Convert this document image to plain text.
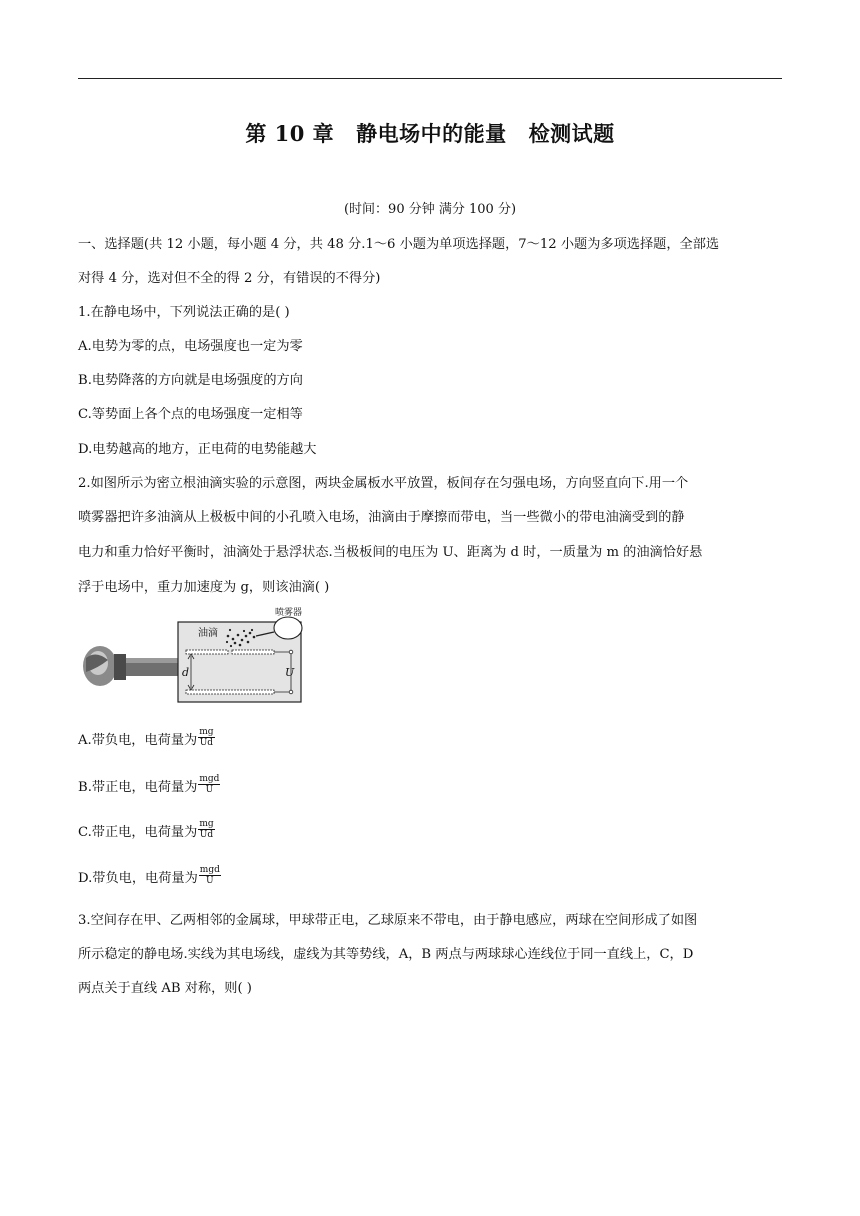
第 10 章 静电场中的能量 检测试题
(时间：90 分钟 满分 100 分)
一、选择题(共 12 小题，每小题 4 分，共 48 分.1～6 小题为单项选择题，7～12 小题为多项选择题，全部选
对得 4 分，选对但不全的得 2 分，有错误的不得分)
1.在静电场中，下列说法正确的是( )
A.电势为零的点，电场强度也一定为零
B.电势降落的方向就是电场强度的方向
C.等势面上各个点的电场强度一定相等
D.电势越高的地方，正电荷的电势能越大
2.如图所示为密立根油滴实验的示意图，两块金属板水平放置，板间存在匀强电场，方向竖直向下.用一个
喷雾器把许多油滴从上极板中间的小孔喷入电场，油滴由于摩擦而带电，当一些微小的带电油滴受到的静
电力和重力恰好平衡时，油滴处于悬浮状态.当极板间的电压为 U、距离为 d 时，一质量为 m 的油滴恰好悬
浮于电场中，重力加速度为 g，则该油滴( )
油滴
喷雾器
d	U
A.带负电，电荷量为 $\frac{mg}{Ud}$
B.带正电，电荷量为 $\frac{\text{mgd}}{U}$
C.带正电，电荷量为 $\frac{mg}{Ud}$
D.带负电，电荷量为 $\frac{\text{mgd}}{U}$
3.空间存在甲、乙两相邻的金属球，甲球带正电，乙球原来不带电，由于静电感应，两球在空间形成了如图
所示稳定的静电场.实线为其电场线，虚线为其等势线，A，B 两点与两球球心连线位于同一直线上，C，D
两点关于直线 AB 对称，则( )
